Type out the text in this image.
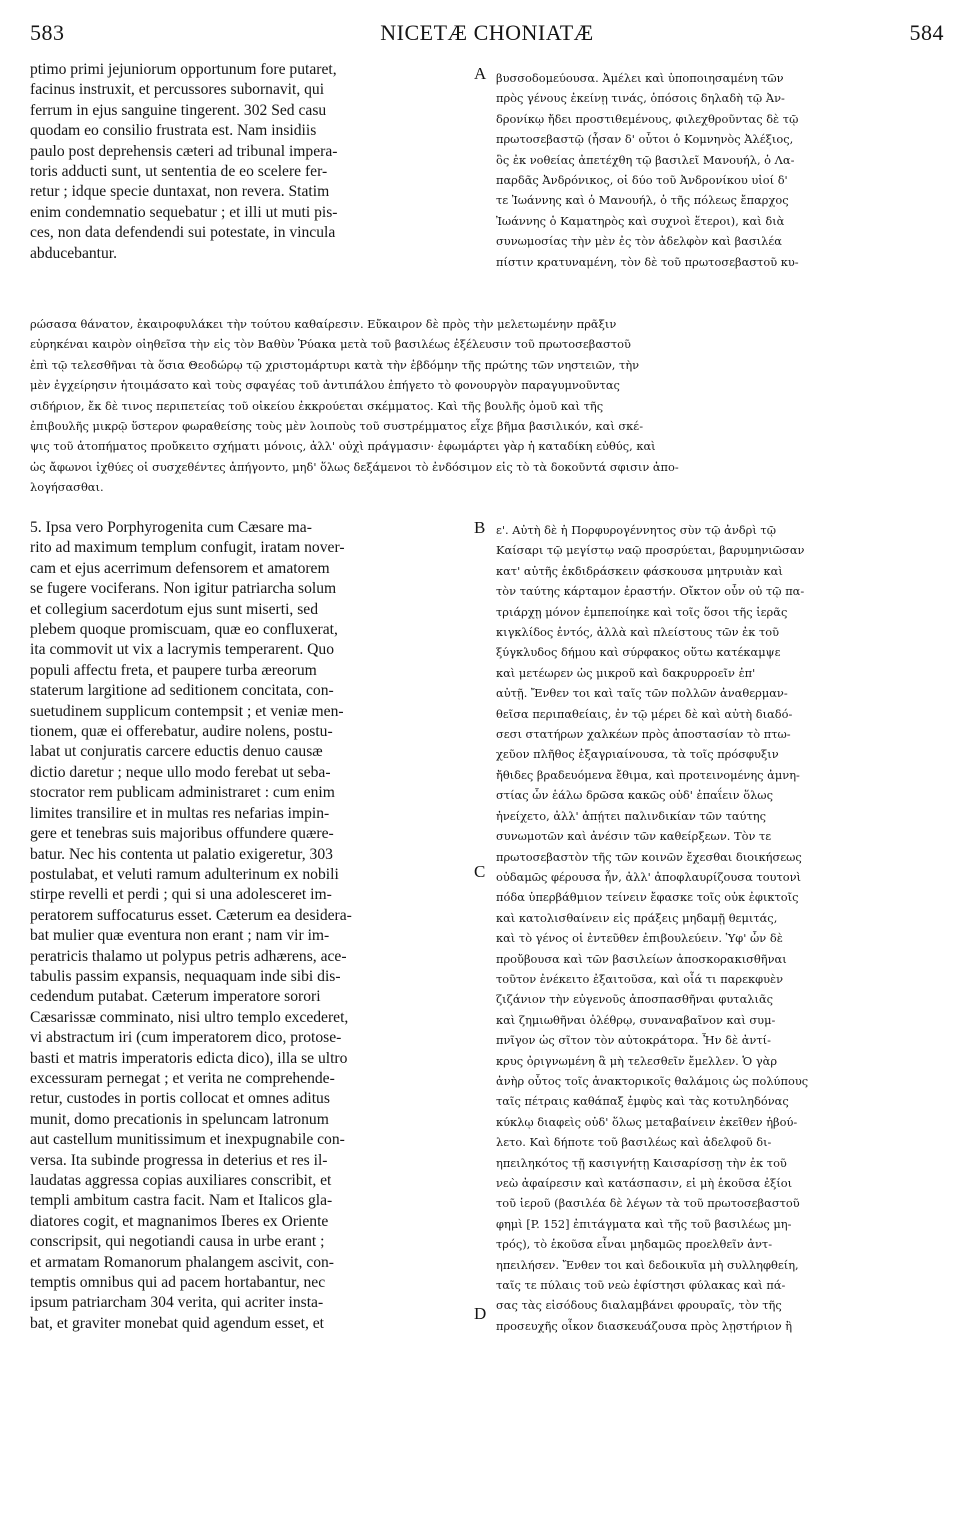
583	NICETÆ CHONIATÆ	584
ptimo primi jejuniorum opportunum fore putaret,
facinus instruxit, et percussores subornavit, qui
ferrum in ejus sanguine tingerent. 302 Sed casu
quodam eo consilio frustrata est. Nam insidiis
paulo post deprehensis cæteri ad tribunal impera-
toris adducti sunt, ut sententia de eo scelere fer-
retur ; idque specie duntaxat, non revera. Statim
enim condemnatio sequebatur ; et illi ut muti pis-
ces, non data defendendi sui potestate, in vincula
abducebantur.
βυσσοδομεύουσα. Ἀμέλει καὶ ὑποποιησαμένη τῶν
πρὸς γένους ἐκείνῃ τινάς, ὁπόσοις δηλαδὴ τῷ Ἀν-
δρονίκῳ ἤδει προστιθεμένους, φιλεχθροῦντας δὲ τῷ
πρωτοσεβαστῷ (ἦσαν δ' οὗτοι ὁ Κομνηνὸς Ἀλέξιος,
ὃς ἐκ νοθείας ἀπετέχθη τῷ βασιλεῖ Μανουήλ, ὁ Λα-
παρδᾶς Ἀνδρόνικος, οἱ δύο τοῦ Ἀνδρονίκου υἱοί δ'
τε Ἰωάννης καὶ ὁ Μανουήλ, ὁ τῆς πόλεως ἔπαρχος
Ἰωάννης ὁ Καματηρὸς καὶ συχνοὶ ἕτεροι), καὶ διὰ
συνωμοσίας τὴν μὲν ἐς τὸν ἀδελφὸν καὶ βασιλέα
πίστιν κρατυναμένη, τὸν δὲ τοῦ πρωτοσεβαστοῦ κυ-
ρώσασα θάνατον, ἐκαιροφυλάκει τὴν τούτου καθαίρεσιν. Εὔκαιρον δὲ πρὸς τὴν μελετωμένην πρᾶξιν
εὑρηκέναι καιρὸν οἰηθεῖσα τὴν εἰς τὸν Βαθὺν Ῥύακα μετὰ τοῦ βασιλέως ἐξέλευσιν τοῦ πρωτοσεβαστοῦ
ἐπὶ τῷ τελεσθῆναι τὰ ὅσια Θεοδώρῳ τῷ χριστομάρτυρι κατὰ τὴν ἑβδόμην τῆς πρώτης τῶν νηστειῶν, τὴν
μὲν ἐγχείρησιν ἡτοιμάσατο καὶ τοὺς σφαγέας τοῦ ἀντιπάλου ἐπήγετο τὸ φονουργὸν παραγυμνοῦντας
σιδήριον, ἔκ δὲ τινος περιπετείας τοῦ οἰκείου ἐκκρούεται σκέμματος. Καὶ τῆς βουλῆς ὁμοῦ καὶ τῆς
ἐπιβουλῆς μικρῷ ὕστερον φωραθείσης τοὺς μὲν λοιποὺς τοῦ συστρέμματος εἶχε βῆμα βασιλικόν, καὶ σκέ-
ψις τοῦ ἀτοπήματος προὔκειτο σχήματι μόνοις, ἀλλ' οὐχὶ πράγμασιν· ἐφωμάρτει γὰρ ἡ καταδίκη εὐθύς, καὶ
ὡς ἄφωνοι ἰχθύες οἱ συσχεθέντες ἀπήγοντο, μηδ' ὅλως δεξάμενοι τὸ ἐνδόσιμον εἰς τὸ τὰ δοκοῦντά σφισιν ἀπο-
λογήσασθαι.
5. Ipsa vero Porphyrogenita cum Cæsare ma-
rito ad maximum templum confugit, iratam nover-
cam et ejus acerrimum defensorem et amatorem
se fugere vociferans. Non igitur patriarcha solum
et collegium sacerdotum ejus sunt miserti, sed
plebem quoque promiscuam, quæ eo confluxerat,
ita commovit ut vix a lacrymis temperarent. Quo
populi affectu freta, et paupere turba æreorum
staterum largitione ad seditionem concitata, con-
suetudinem supplicum contempsit ; et veniæ men-
tionem, quæ ei offerebatur, audire nolens, postu-
labat ut conjuratis carcere eductis denuo causæ
dictio daretur ; neque ullo modo ferebat ut seba-
stocrator rem publicam administraret : cum enim
limites transilire et in multas res nefarias impin-
gere et tenebras suis majoribus offundere quære-
batur. Nec his contenta ut palatio exigeretur, 303
postulabat, et veluti ramum adulterinum ex nobili
stirpe revelli et perdi ; qui si una adolesceret im-
peratorem suffocaturus esset. Cæterum ea desidera-
bat mulier quæ eventura non erant ; nam vir im-
peratricis thalamo ut polypus petris adhærens, ace-
tabulis passim expansis, nequaquam inde sibi dis-
cedendum putabat. Cæterum imperatore sorori
Cæsarissæ comminato, nisi ultro templo excederet,
vi abstractum iri (cum imperatorem dico, protose-
basti et matris imperatoris edicta dico), illa se ultro
excessuram pernegat ; et verita ne comprehende-
retur, custodes in portis collocat et omnes aditus
munit, domo precationis in speluncam latronum
aut castellum munitissimum et inexpugnabile con-
versa. Ita subinde progressa in deterius et res il-
laudatas aggressa copias auxiliares conscribit, et
templi ambitum castra facit. Nam et Italicos gla-
diatores cogit, et magnanimos Iberes ex Oriente
conscripsit, qui negotiandi causa in urbe erant ;
et armatam Romanorum phalangem ascivit, con-
temptis omnibus qui ad pacem hortabantur, nec
ipsum patriarcham 304 verita, qui acriter insta-
bat, et graviter monebat quid agendum esset, et
ε'. Αὐτὴ δὲ ἡ Πορφυρογέννητος σὺν τῷ ἀνδρὶ τῷ
Καίσαρι τῷ μεγίστῳ ναῷ προσρύεται, βαρυμηνιῶσαν
κατ' αὐτῆς ἐκδιδράσκειν φάσκουσα μητρυιὰν καὶ
τὸν ταύτης κάρταμον ἐραστήν. Οἴκτον οὖν οὐ τῷ πα-
τριάρχῃ μόνον ἐμπεποίηκε καὶ τοῖς ὅσοι τῆς ἱερᾶς
κιγκλίδος ἐντός, ἀλλὰ καὶ πλείστους τῶν ἐκ τοῦ
ξύγκλυδος δήμου καὶ σύρφακος οὕτω κατέκαμψε
καὶ μετέωρεν ὡς μικροῦ καὶ δακρυρροεῖν ἐπ'
αὐτῇ. Ἔνθεν τοι καὶ ταῖς τῶν πολλῶν ἀναθερμαν-
θεῖσα περιπαθείαις, ἐν τῷ μέρει δὲ καὶ αὐτὴ διαδό-
σεσι στατήρων χαλκέων πρὸς ἀποστασίαν τὸ πτω-
χεῦον πλῆθος ἐξαγριαίνουσα, τὰ τοῖς πρόσφυξιν
ἤθιδες βραδευόμενα ἔθιμα, καὶ προτεινομένης ἀμνη-
στίας ὧν ἑάλω δρῶσα κακῶς οὐδ' ἐπαΐειν ὅλως
ἠνείχετο, ἀλλ' ἀπῄτει παλινδικίαν τῶν ταύτης
συνωμοτῶν καὶ ἀνέσιν τῶν καθείρξεων. Τὸν τε
πρωτοσεβαστὸν τῆς τῶν κοινῶν ἔχεσθαι διοικήσεως
οὐδαμῶς φέρουσα ἦν, ἀλλ' ἀποφλαυρίζουσα τουτονὶ
πόδα ὑπερβάθμιον τείνειν ἔφασκε τοῖς οὐκ ἐφικτοῖς
καὶ κατολισθαίνειν εἰς πράξεις μηδαμῇ θεμιτάς,
καὶ τὸ γένος οἱ ἐντεῦθεν ἐπιβουλεύειν. Ὑφ' ὧν δὲ
προὔβουσα καὶ τῶν βασιλείων ἀποσκορακισθῆναι
τοῦτον ἐνέκειτο ἐξαιτοῦσα, καὶ οἷά τι παρεκφυὲν
ζιζάνιον τὴν εὐγενοῦς ἀποσπασθῆναι φυταλιᾶς
καὶ ζημιωθῆναι ὀλέθρῳ, συναναβαῖνον καὶ συμ-
πνῖγον ὡς σῖτον τὸν αὐτοκράτορα. Ἦν δὲ ἀντί-
κρυς ὀριγνωμένη ἃ μὴ τελεσθεῖν ἔμελλεν. Ὁ γὰρ
ἀνὴρ οὗτος τοῖς ἀνακτορικοῖς θαλάμοις ὡς πολύπους
ταῖς πέτραις καθάπαξ ἐμφὺς καὶ τὰς κοτυληδόνας
κύκλῳ διαφεὶς οὐδ' ὅλως μεταβαίνειν ἐκεῖθεν ἠβού-
λετο. Καὶ δήποτε τοῦ βασιλέως καὶ ἀδελφοῦ δι-
ηπειληκότος τῇ κασιγνήτῃ Καισαρίσσῃ τὴν ἐκ τοῦ
νεὼ ἀφαίρεσιν καὶ κατάσπασιν, εἰ μὴ ἑκοῦσα ἐξίοι
τοῦ ἱεροῦ (βασιλέα δὲ λέγων τὰ τοῦ πρωτοσεβαστοῦ
φημὶ [P. 152] ἐπιτάγματα καὶ τῆς τοῦ βασιλέως μη-
τρός), τὸ ἑκοῦσα εἶναι μηδαμῶς προελθεῖν ἀντ-
ηπειλήσεν. Ἔνθεν τοι καὶ δεδοικυῖα μὴ συλληφθείη,
ταῖς τε πύλαις τοῦ νεὼ ἐφίστησι φύλακας καὶ πά-
σας τὰς εἰσόδους διαλαμβάνει φρουραῖς, τὸν τῆς
προσευχῆς οἶκον διασκευάζουσα πρὸς λῃστήριον ἢ
A
B
C
D
